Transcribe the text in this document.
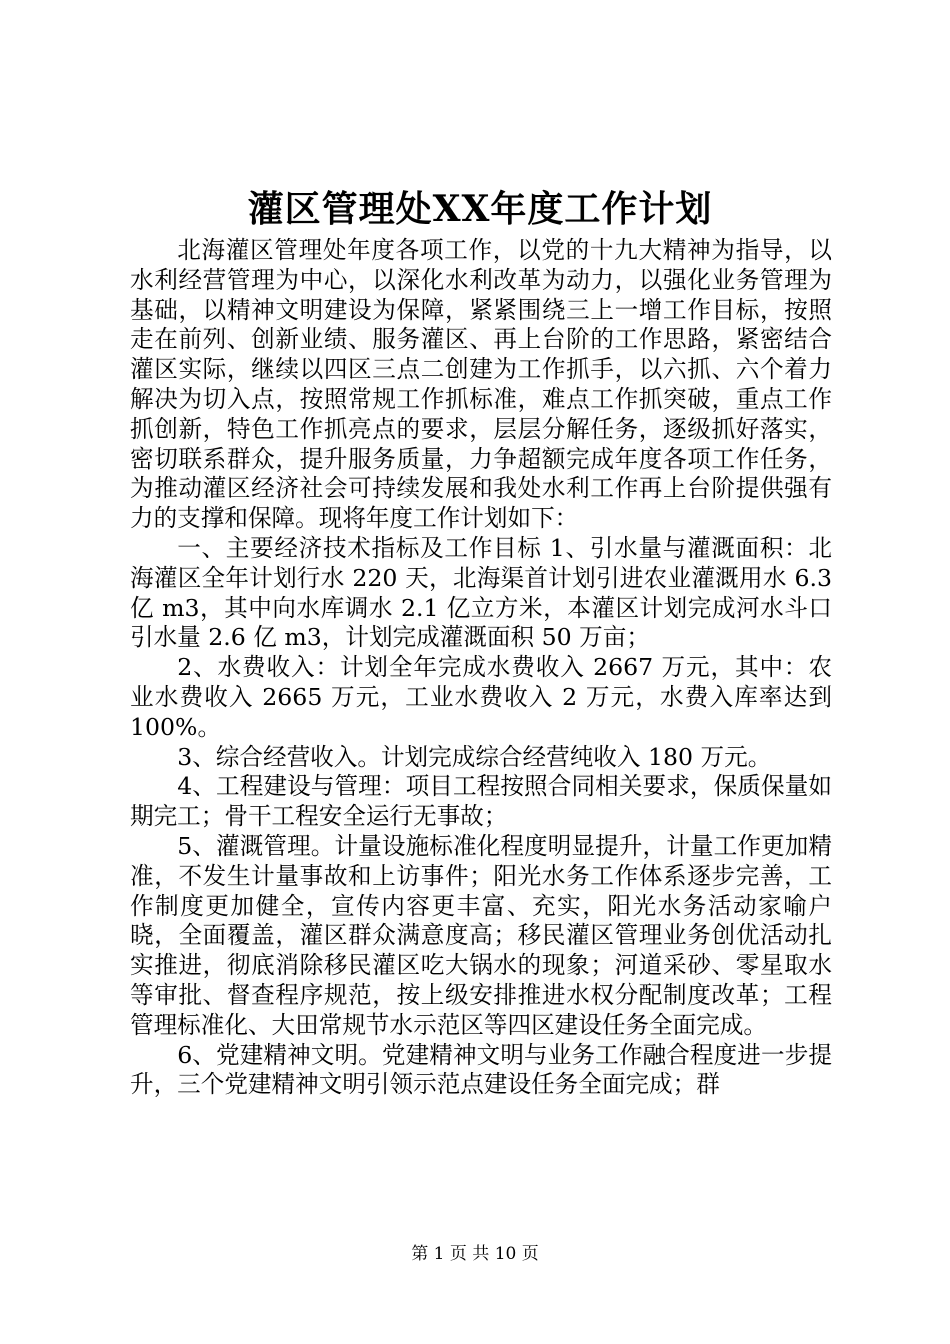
灌区管理处XX年度工作计划

北海灌区管理处年度各项工作，以党的十九大精神为指导，以水利经营管理为中心，以深化水利改革为动力，以强化业务管理为基础，以精神文明建设为保障，紧紧围绕三上一增工作目标，按照走在前列、创新业绩、服务灌区、再上台阶的工作思路，紧密结合灌区实际，继续以四区三点二创建为工作抓手，以六抓、六个着力解决为切入点，按照常规工作抓标准，难点工作抓突破，重点工作抓创新，特色工作抓亮点的要求，层层分解任务，逐级抓好落实，密切联系群众，提升服务质量，力争超额完成年度各项工作任务，为推动灌区经济社会可持续发展和我处水利工作再上台阶提供强有力的支撑和保障。现将年度工作计划如下：

一、主要经济技术指标及工作目标 1、引水量与灌溉面积：北海灌区全年计划行水 220 天，北海渠首计划引进农业灌溉用水 6.3 亿 m3，其中向水库调水 2.1 亿立方米，本灌区计划完成河水斗口引水量 2.6 亿 m3，计划完成灌溉面积 50 万亩；

2、水费收入：计划全年完成水费收入 2667 万元，其中：农业水费收入 2665 万元，工业水费收入 2 万元，水费入库率达到 100%。

3、综合经营收入。计划完成综合经营纯收入 180 万元。

4、工程建设与管理：项目工程按照合同相关要求，保质保量如期完工；骨干工程安全运行无事故；

5、灌溉管理。计量设施标准化程度明显提升，计量工作更加精准，不发生计量事故和上访事件；阳光水务工作体系逐步完善，工作制度更加健全，宣传内容更丰富、充实，阳光水务活动家喻户晓，全面覆盖，灌区群众满意度高；移民灌区管理业务创优活动扎实推进，彻底消除移民灌区吃大锅水的现象；河道采砂、零星取水等审批、督查程序规范，按上级安排推进水权分配制度改革；工程管理标准化、大田常规节水示范区等四区建设任务全面完成。

6、党建精神文明。党建精神文明与业务工作融合程度进一步提升，三个党建精神文明引领示范点建设任务全面完成；群

第 1 页 共 10 页
